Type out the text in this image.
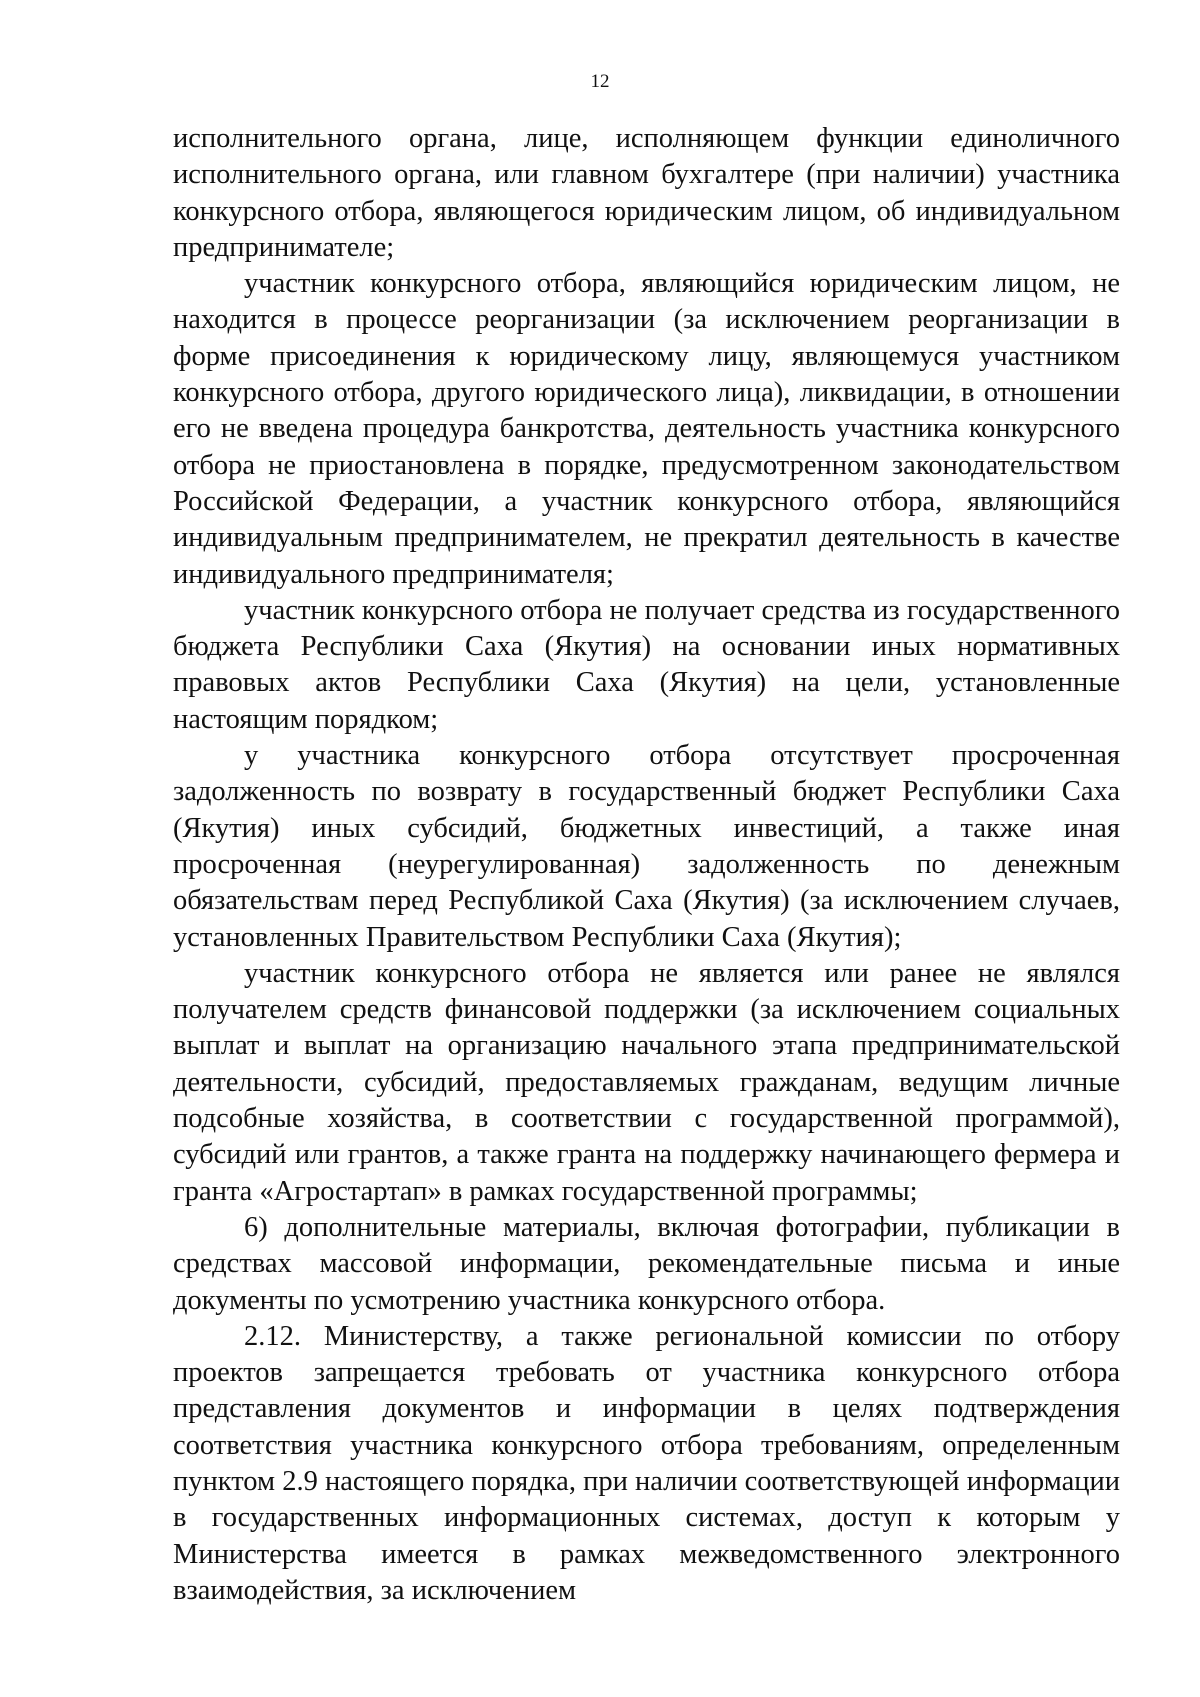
12

исполнительного органа, лице, исполняющем функции единоличного исполнительного органа, или главном бухгалтере (при наличии) участника конкурсного отбора, являющегося юридическим лицом, об индивидуальном предпринимателе;

участник конкурсного отбора, являющийся юридическим лицом, не находится в процессе реорганизации (за исключением реорганизации в форме присоединения к юридическому лицу, являющемуся участником конкурсного отбора, другого юридического лица), ликвидации, в отношении его не введена процедура банкротства, деятельность участника конкурсного отбора не приостановлена в порядке, предусмотренном законодательством Российской Федерации, а участник конкурсного отбора, являющийся индивидуальным предпринимателем, не прекратил деятельность в качестве индивидуального предпринимателя;

участник конкурсного отбора не получает средства из государственного бюджета Республики Саха (Якутия) на основании иных нормативных правовых актов Республики Саха (Якутия) на цели, установленные настоящим порядком;

у участника конкурсного отбора отсутствует просроченная задолженность по возврату в государственный бюджет Республики Саха (Якутия) иных субсидий, бюджетных инвестиций, а также иная просроченная (неурегулированная) задолженность по денежным обязательствам перед Республикой Саха (Якутия) (за исключением случаев, установленных Правительством Республики Саха (Якутия);

участник конкурсного отбора не является или ранее не являлся получателем средств финансовой поддержки (за исключением социальных выплат и выплат на организацию начального этапа предпринимательской деятельности, субсидий, предоставляемых гражданам, ведущим личные подсобные хозяйства, в соответствии с государственной программой), субсидий или грантов, а также гранта на поддержку начинающего фермера и гранта «Агростартап» в рамках государственной программы;

6) дополнительные материалы, включая фотографии, публикации в средствах массовой информации, рекомендательные письма и иные документы по усмотрению участника конкурсного отбора.

2.12. Министерству, а также региональной комиссии по отбору проектов запрещается требовать от участника конкурсного отбора представления документов и информации в целях подтверждения соответствия участника конкурсного отбора требованиям, определенным пунктом 2.9 настоящего порядка, при наличии соответствующей информации в государственных информационных системах, доступ к которым у Министерства имеется в рамках межведомственного электронного взаимодействия, за исключением
